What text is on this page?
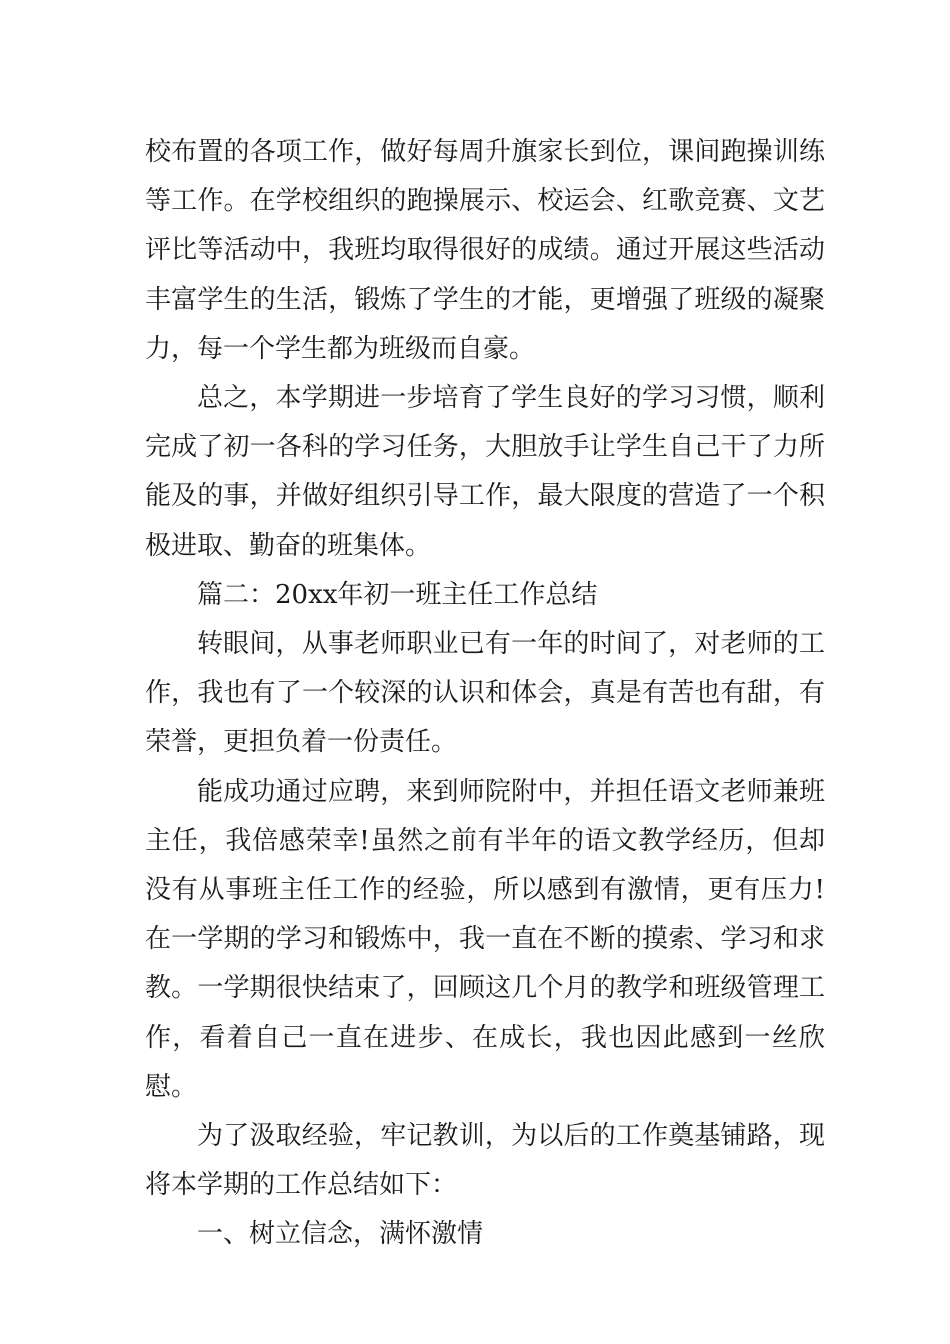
校布置的各项工作，做好每周升旗家长到位，课间跑操训练等工作。在学校组织的跑操展示、校运会、红歌竞赛、文艺评比等活动中，我班均取得很好的成绩。通过开展这些活动丰富学生的生活，锻炼了学生的才能，更增强了班级的凝聚力，每一个学生都为班级而自豪。

总之，本学期进一步培育了学生良好的学习习惯，顺利完成了初一各科的学习任务，大胆放手让学生自己干了力所能及的事，并做好组织引导工作，最大限度的营造了一个积极进取、勤奋的班集体。

篇二：20xx年初一班主任工作总结

转眼间，从事老师职业已有一年的时间了，对老师的工作，我也有了一个较深的认识和体会，真是有苦也有甜，有荣誉，更担负着一份责任。

能成功通过应聘，来到师院附中，并担任语文老师兼班主任，我倍感荣幸!虽然之前有半年的语文教学经历，但却没有从事班主任工作的经验，所以感到有激情，更有压力!在一学期的学习和锻炼中，我一直在不断的摸索、学习和求教。一学期很快结束了，回顾这几个月的教学和班级管理工作，看着自己一直在进步、在成长，我也因此感到一丝欣慰。

为了汲取经验，牢记教训，为以后的工作奠基铺路，现将本学期的工作总结如下：

一、树立信念，满怀激情
